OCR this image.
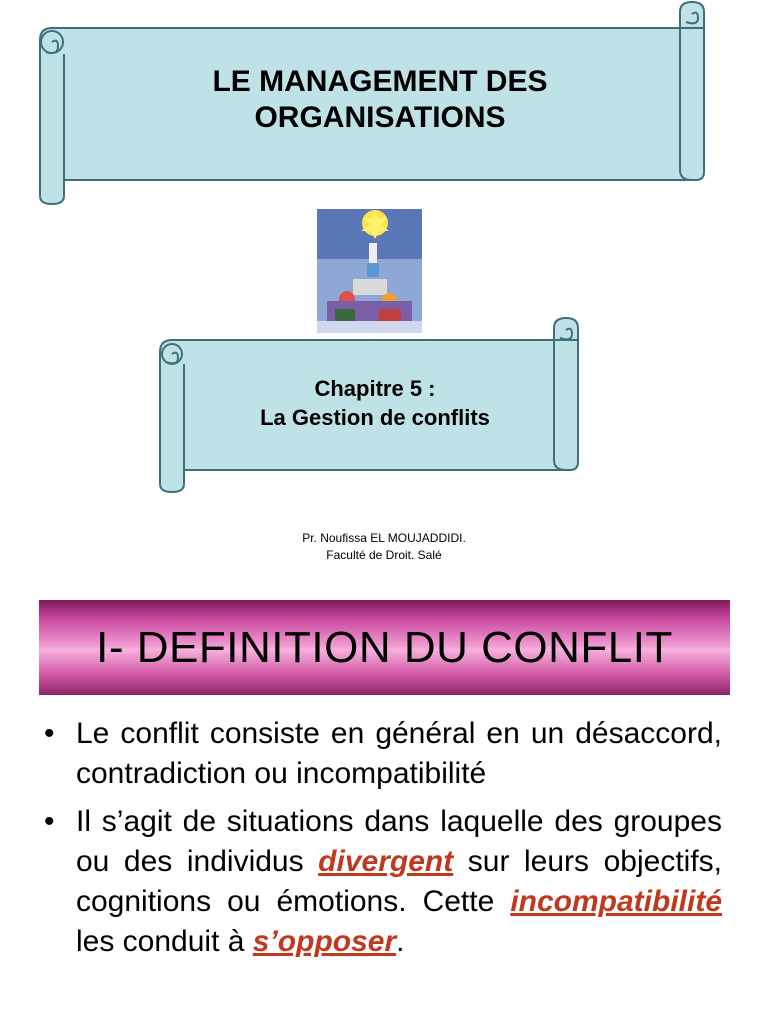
LE MANAGEMENT DES
ORGANISATIONS
Chapitre 5 :
La Gestion de conflits
Pr. Noufissa EL MOUJADDIDI.
Faculté de Droit. Salé
I- DEFINITION DU CONFLIT
• Le conflit consiste en général en un désaccord, contradiction ou incompatibilité
• Il s’agit de situations dans laquelle des groupes ou des individus divergent sur leurs objectifs, cognitions ou émotions. Cette incompatibilité les conduit à s’opposer.
